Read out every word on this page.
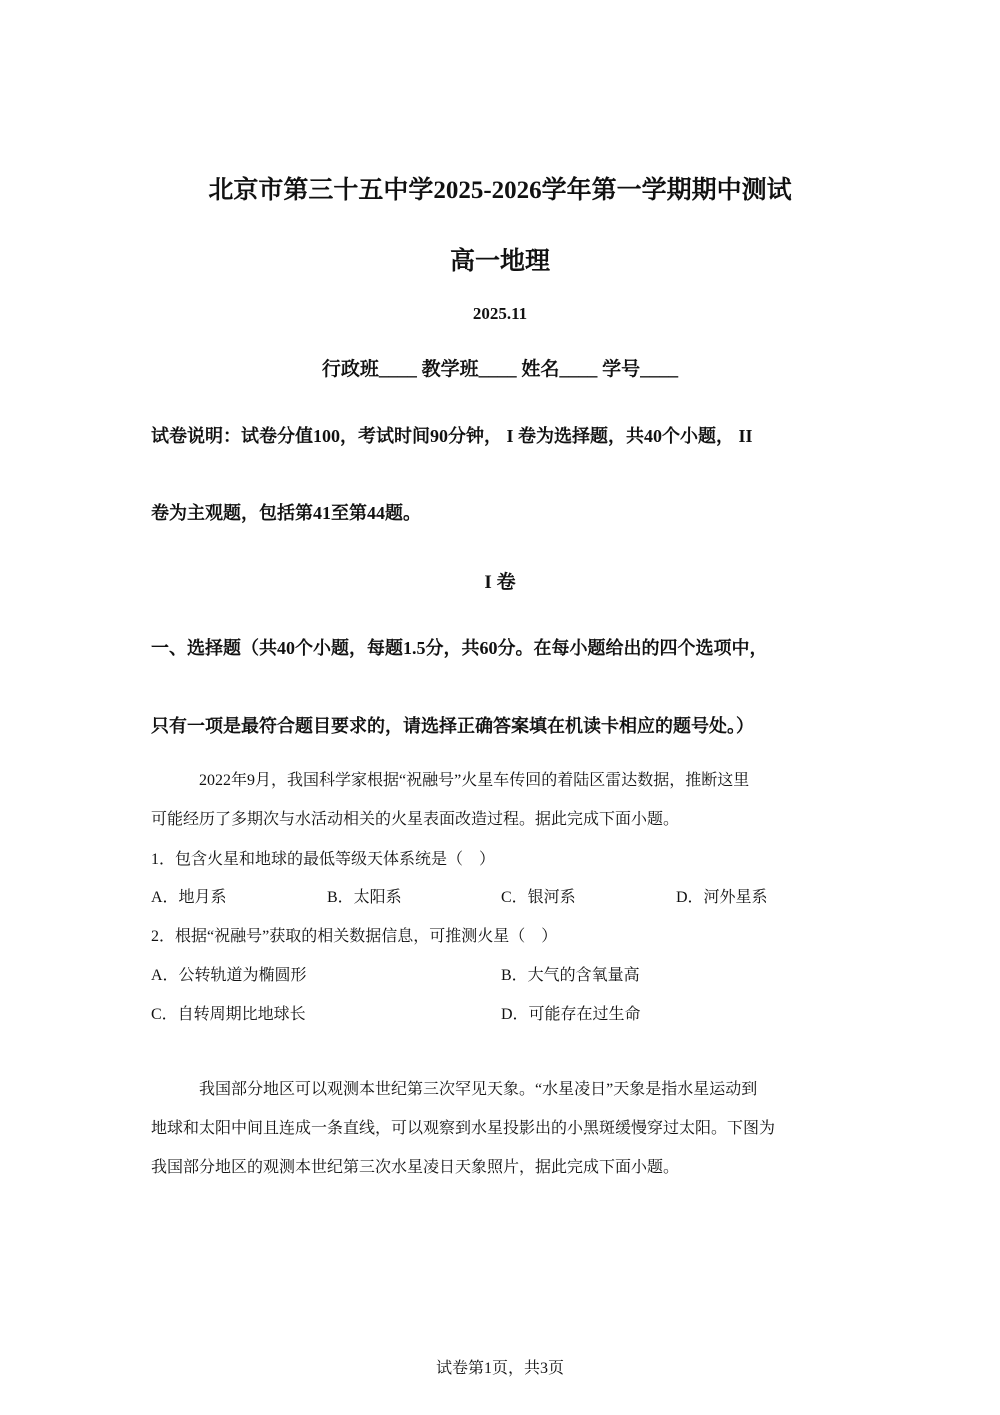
北京市第三十五中学2025-2026学年第一学期期中测试
高一地理
2025.11
行政班____ 教学班____ 姓名____ 学号____
试卷说明：试卷分值100，考试时间90分钟， I 卷为选择题，共40个小题， II
卷为主观题，包括第41至第44题。
I 卷
一、选择题（共40个小题，每题1.5分，共60分。在每小题给出的四个选项中，
只有一项是最符合题目要求的，请选择正确答案填在机读卡相应的题号处。）
2022年9月，我国科学家根据“祝融号”火星车传回的着陆区雷达数据，推断这里
可能经历了多期次与水活动相关的火星表面改造过程。据此完成下面小题。
1．包含火星和地球的最低等级天体系统是（　）
A．地月系	B．太阳系	C．银河系	D．河外星系
2．根据“祝融号”获取的相关数据信息，可推测火星（　）
A．公转轨道为椭圆形	B．大气的含氧量高
C．自转周期比地球长	D．可能存在过生命
我国部分地区可以观测本世纪第三次罕见天象。“水星凌日”天象是指水星运动到
地球和太阳中间且连成一条直线，可以观察到水星投影出的小黑斑缓慢穿过太阳。下图为
我国部分地区的观测本世纪第三次水星凌日天象照片，据此完成下面小题。
试卷第1页，共3页
